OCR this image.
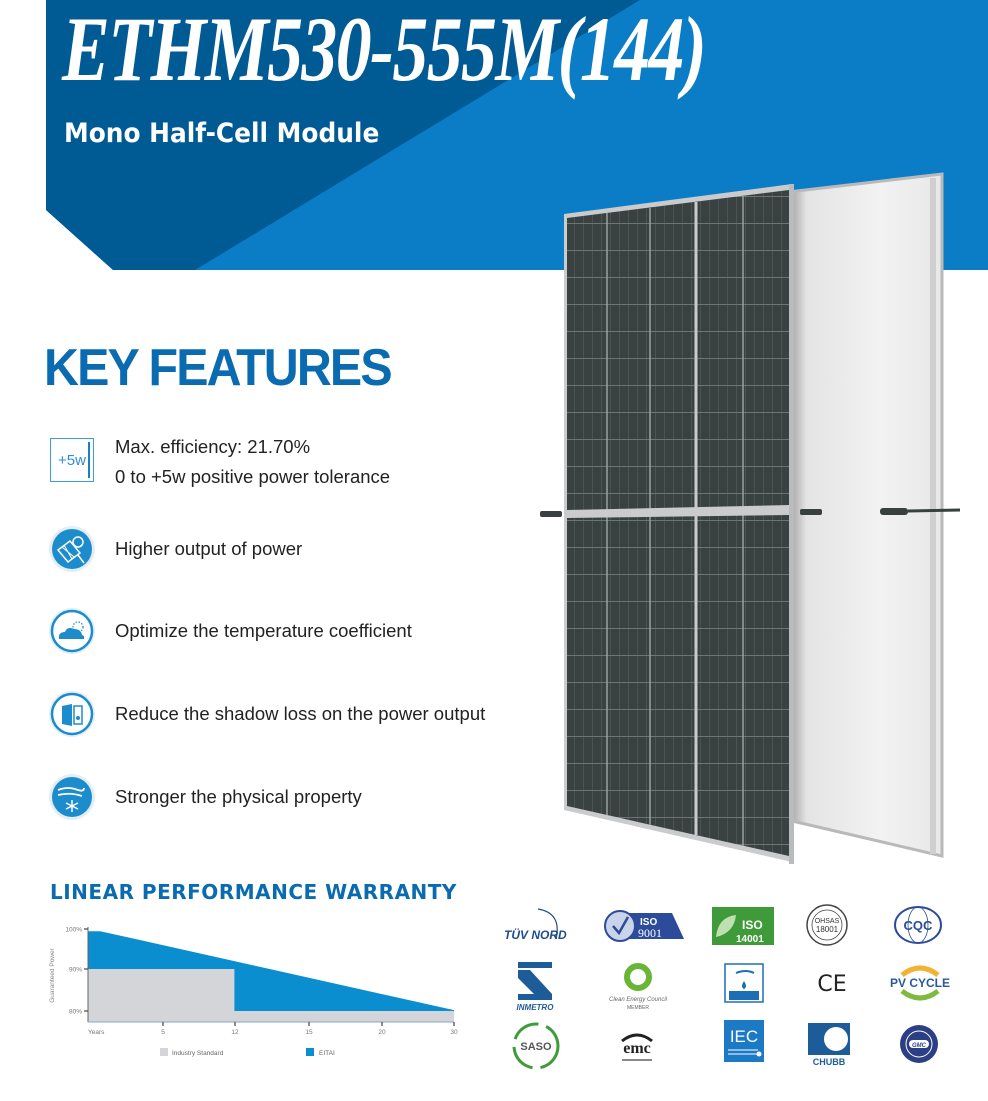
ETHM530-555M(144)
Mono Half-Cell Module
KEY FEATURES
+5w
Max. efficiency: 21.70%
0 to +5w positive power tolerance
Higher output of power
Optimize the temperature coefficient
Reduce the shadow loss on the power output
Stronger the physical property
LINEAR PERFORMANCE WARRANTY
100%
90%
80%
Guaranteed Power
Years	5	12	15	20	30
Industry Standard	EITAI
TÜV NORD
ISO
9001
ISO
14001
OHSAS
18001	CQC
INMETRO
Clean Energy Council
MEMBER
CE	PV CYCLE
SASO	emc
IEC
CHUBB
GMC
